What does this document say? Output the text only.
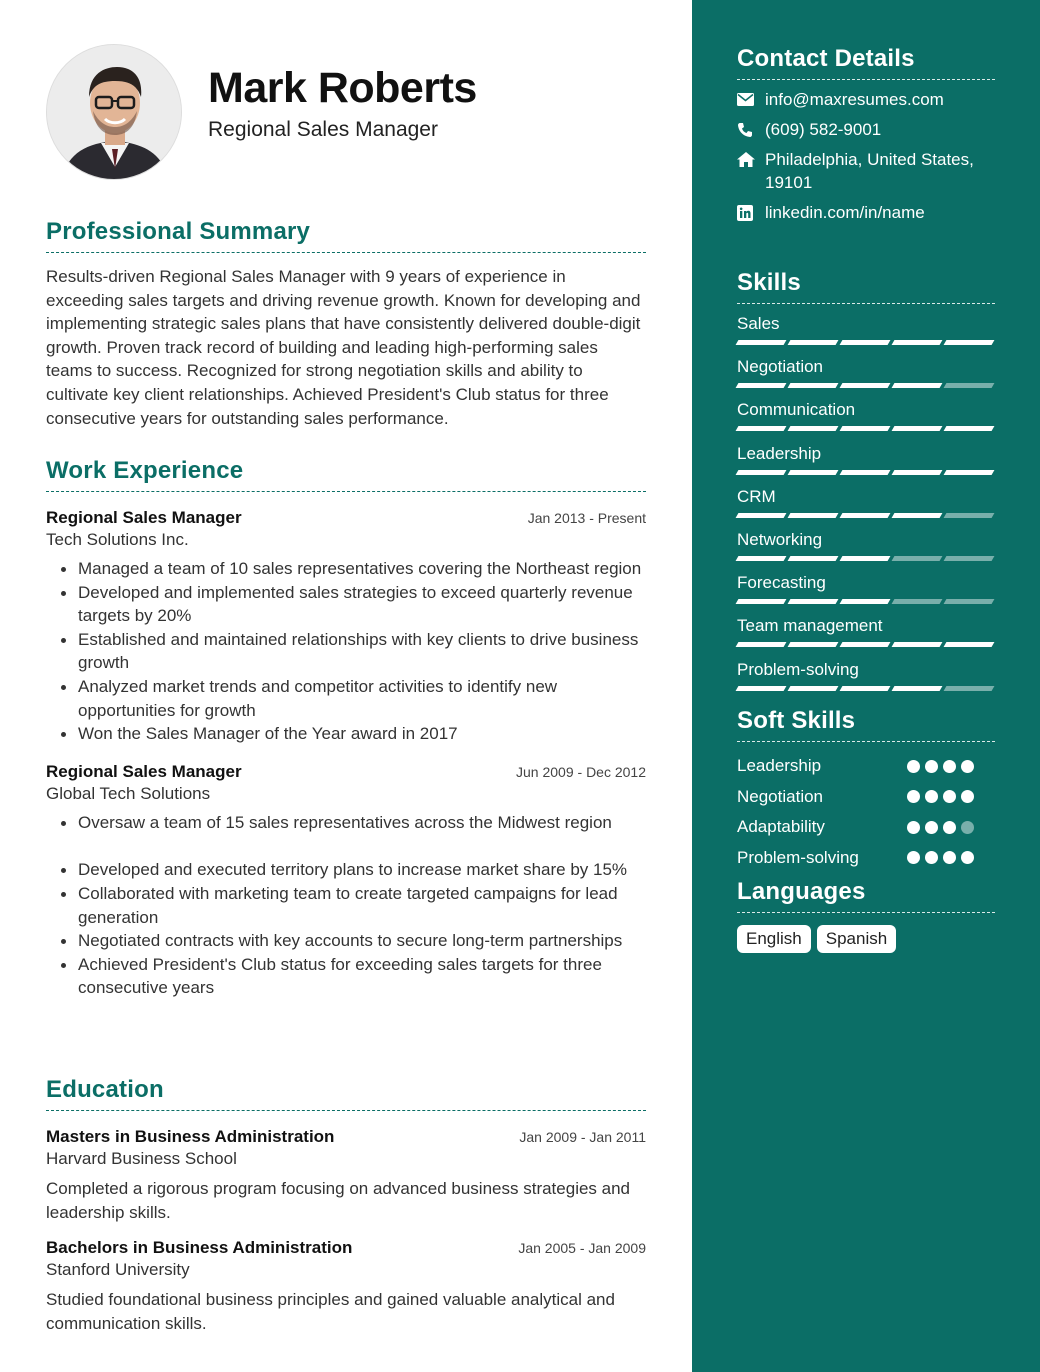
Mark Roberts
Regional Sales Manager
Professional Summary
Results-driven Regional Sales Manager with 9 years of experience in exceeding sales targets and driving revenue growth. Known for developing and implementing strategic sales plans that have consistently delivered double-digit growth. Proven track record of building and leading high-performing sales teams to success. Recognized for strong negotiation skills and ability to cultivate key client relationships. Achieved President's Club status for three consecutive years for outstanding sales performance.
Work Experience
Regional Sales Manager	Jan 2013 - Present
Tech Solutions Inc.
Managed a team of 10 sales representatives covering the Northeast region
Developed and implemented sales strategies to exceed quarterly revenue targets by 20%
Established and maintained relationships with key clients to drive business growth
Analyzed market trends and competitor activities to identify new opportunities for growth
Won the Sales Manager of the Year award in 2017
Regional Sales Manager	Jun 2009 - Dec 2012
Global Tech Solutions
Oversaw a team of 15 sales representatives across the Midwest region
Developed and executed territory plans to increase market share by 15%
Collaborated with marketing team to create targeted campaigns for lead generation
Negotiated contracts with key accounts to secure long-term partnerships
Achieved President's Club status for exceeding sales targets for three consecutive years
Education
Masters in Business Administration	Jan 2009 - Jan 2011
Harvard Business School
Completed a rigorous program focusing on advanced business strategies and leadership skills.
Bachelors in Business Administration	Jan 2005 - Jan 2009
Stanford University
Studied foundational business principles and gained valuable analytical and communication skills.
Contact Details
info@maxresumes.com
(609) 582-9001
Philadelphia, United States, 19101
linkedin.com/in/name
Skills
Sales
Negotiation
Communication
Leadership
CRM
Networking
Forecasting
Team management
Problem-solving
Soft Skills
Leadership
Negotiation
Adaptability
Problem-solving
Languages
English	Spanish
